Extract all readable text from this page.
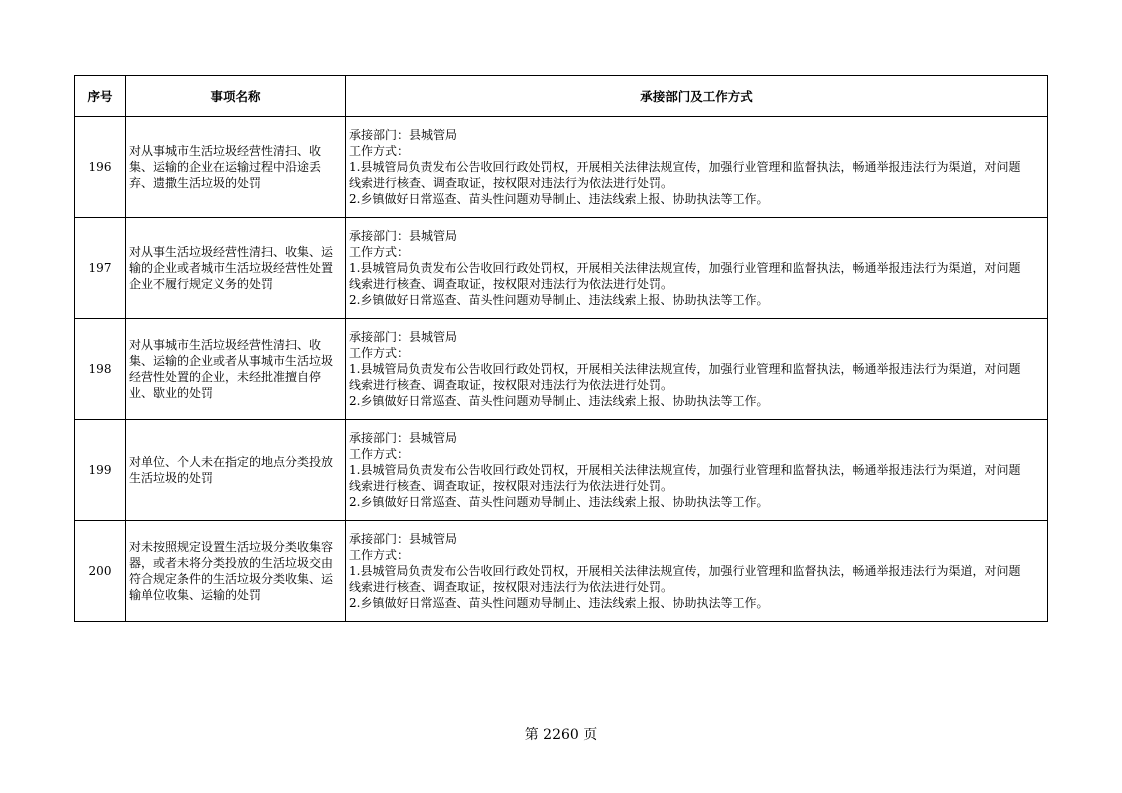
序号	事项名称	承接部门及工作方式
196	对从事城市生活垃圾经营性清扫、收集、运输的企业在运输过程中沿途丢弃、遗撒生活垃圾的处罚	承接部门：县城管局
工作方式：
1.县城管局负责发布公告收回行政处罚权，开展相关法律法规宣传，加强行业管理和监督执法，畅通举报违法行为渠道，对问题线索进行核查、调查取证，按权限对违法行为依法进行处罚。
2.乡镇做好日常巡查、苗头性问题劝导制止、违法线索上报、协助执法等工作。

197	对从事生活垃圾经营性清扫、收集、运输的企业或者城市生活垃圾经营性处置企业不履行规定义务的处罚	承接部门：县城管局
工作方式：
1.县城管局负责发布公告收回行政处罚权，开展相关法律法规宣传，加强行业管理和监督执法，畅通举报违法行为渠道，对问题线索进行核查、调查取证，按权限对违法行为依法进行处罚。
2.乡镇做好日常巡查、苗头性问题劝导制止、违法线索上报、协助执法等工作。

198	对从事城市生活垃圾经营性清扫、收集、运输的企业或者从事城市生活垃圾经营性处置的企业，未经批准擅自停业、歇业的处罚	承接部门：县城管局
工作方式：
1.县城管局负责发布公告收回行政处罚权，开展相关法律法规宣传，加强行业管理和监督执法，畅通举报违法行为渠道，对问题线索进行核查、调查取证，按权限对违法行为依法进行处罚。
2.乡镇做好日常巡查、苗头性问题劝导制止、违法线索上报、协助执法等工作。

199	对单位、个人未在指定的地点分类投放生活垃圾的处罚	承接部门：县城管局
工作方式：
1.县城管局负责发布公告收回行政处罚权，开展相关法律法规宣传，加强行业管理和监督执法，畅通举报违法行为渠道，对问题线索进行核查、调查取证，按权限对违法行为依法进行处罚。
2.乡镇做好日常巡查、苗头性问题劝导制止、违法线索上报、协助执法等工作。

200	对未按照规定设置生活垃圾分类收集容器，或者未将分类投放的生活垃圾交由符合规定条件的生活垃圾分类收集、运输单位收集、运输的处罚	承接部门：县城管局
工作方式：
1.县城管局负责发布公告收回行政处罚权，开展相关法律法规宣传，加强行业管理和监督执法，畅通举报违法行为渠道，对问题线索进行核查、调查取证，按权限对违法行为依法进行处罚。
2.乡镇做好日常巡查、苗头性问题劝导制止、违法线索上报、协助执法等工作。
第 2260 页
